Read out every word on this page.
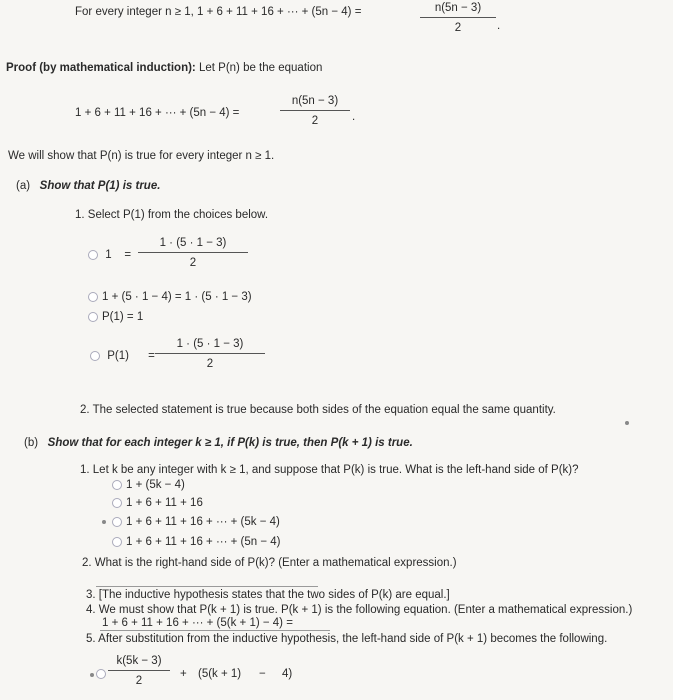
For every integer n ≥ 1, 1 + 6 + 11 + 16 + ··· + (5n − 4) =	$\frac{n(5n - 3)}{2}$ .
Proof (by mathematical induction): Let P(n) be the equation
1 + 6 + 11 + 16 + ··· + (5n − 4) =	$\frac{n(5n - 3)}{2}$ .
We will show that P(n) is true for every integer n ≥ 1.
(a) Show that P(1) is true.
1. Select P(1) from the choices below.
$1 = \frac{1 \cdot (5 \cdot 1 - 3)}{2}$
1 + (5 · 1 − 4) = 1 · (5 · 1 − 3)
P(1) = 1
$P(1) = \frac{1 \cdot (5 \cdot 1 - 3)}{2}$
2. The selected statement is true because both sides of the equation equal the same quantity.
(b) Show that for each integer k ≥ 1, if P(k) is true, then P(k + 1) is true.
1. Let k be any integer with k ≥ 1, and suppose that P(k) is true. What is the left-hand side of P(k)?
1 + (5k − 4)
1 + 6 + 11 + 16
1 + 6 + 11 + 16 + ··· + (5k − 4)
1 + 6 + 11 + 16 + ··· + (5n − 4)
2. What is the right-hand side of P(k)? (Enter a mathematical expression.)
3. [The inductive hypothesis states that the two sides of P(k) are equal.]
4. We must show that P(k + 1) is true. P(k + 1) is the following equation. (Enter a mathematical expression.)
1 + 6 + 11 + 16 + ··· + (5(k + 1) − 4) =
5. After substitution from the inductive hypothesis, the left-hand side of P(k + 1) becomes the following.
$\frac{k(5k - 3)}{2} + (5(k + 1) - 4)$
